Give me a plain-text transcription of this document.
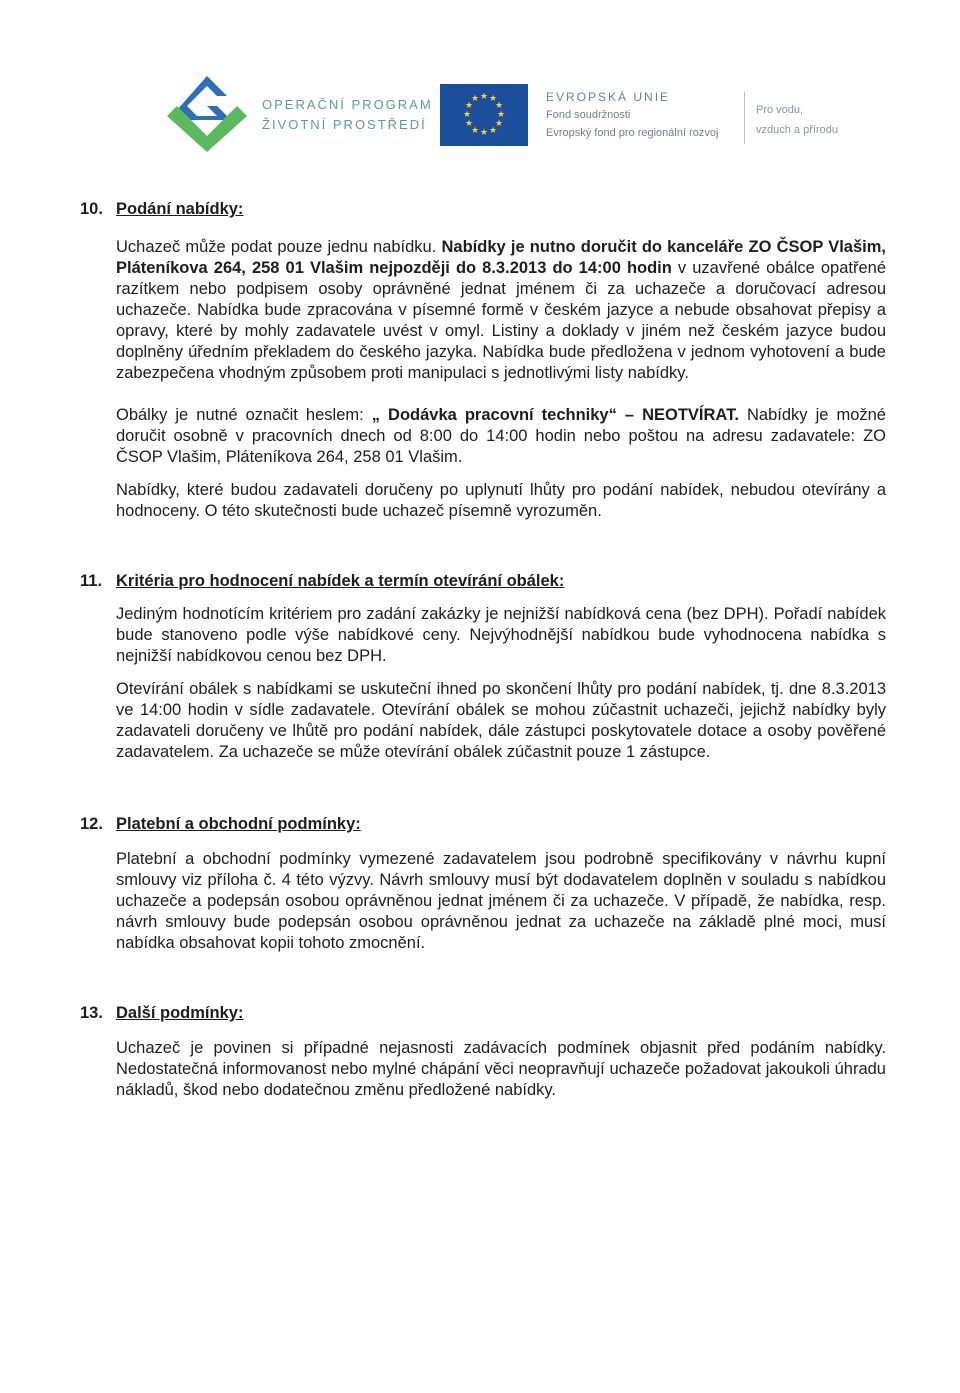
OPERAČNÍ PROGRAM
ŽIVOTNÍ PROSTŘEDÍ
★ ★
★
★
★
★
★
★
★
★
★
★	EVROPSKÁ UNIE
Fond soudržnosti
Evropský fond pro regionální rozvoj
Pro vodu,
vzduch a přírodu
10. Podání nabídky:

Uchazeč může podat pouze jednu nabídku. Nabídky je nutno doručit do kanceláře ZO ČSOP Vlašim, Pláteníkova 264, 258 01 Vlašim nejpozději do 8.3.2013 do 14:00 hodin v uzavřené obálce opatřené razítkem nebo podpisem osoby oprávněné jednat jménem či za uchazeče a doručovací adresou uchazeče. Nabídka bude zpracována v písemné formě v českém jazyce a nebude obsahovat přepisy a opravy, které by mohly zadavatele uvést v omyl. Listiny a doklady v jiném než českém jazyce budou doplněny úředním překladem do českého jazyka. Nabídka bude předložena v jednom vyhotovení a bude zabezpečena vhodným způsobem proti manipulaci s jednotlivými listy nabídky.

Obálky je nutné označit heslem: „ Dodávka pracovní techniky“ – NEOTVÍRAT. Nabídky je možné doručit osobně v pracovních dnech od 8:00 do 14:00 hodin nebo poštou na adresu zadavatele: ZO ČSOP Vlašim, Pláteníkova 264, 258 01 Vlašim.

Nabídky, které budou zadavateli doručeny po uplynutí lhůty pro podání nabídek, nebudou otevírány a hodnoceny. O této skutečnosti bude uchazeč písemně vyrozuměn.

11. Kritéria pro hodnocení nabídek a termín otevírání obálek:

Jediným hodnotícím kritériem pro zadání zakázky je nejnižší nabídková cena (bez DPH). Pořadí nabídek bude stanoveno podle výše nabídkové ceny. Nejvýhodnější nabídkou bude vyhodnocena nabídka s nejnižší nabídkovou cenou bez DPH.

Otevírání obálek s nabídkami se uskuteční ihned po skončení lhůty pro podání nabídek, tj. dne 8.3.2013 ve 14:00 hodin v sídle zadavatele. Otevírání obálek se mohou zúčastnit uchazeči, jejichž nabídky byly zadavateli doručeny ve lhůtě pro podání nabídek, dále zástupci poskytovatele dotace a osoby pověřené zadavatelem. Za uchazeče se může otevírání obálek zúčastnit pouze 1 zástupce.

12. Platební a obchodní podmínky:

Platební a obchodní podmínky vymezené zadavatelem jsou podrobně specifikovány v návrhu kupní smlouvy viz příloha č. 4 této výzvy. Návrh smlouvy musí být dodavatelem doplněn v souladu s nabídkou uchazeče a podepsán osobou oprávněnou jednat jménem či za uchazeče. V případě, že nabídka, resp. návrh smlouvy bude podepsán osobou oprávněnou jednat za uchazeče na základě plné moci, musí nabídka obsahovat kopii tohoto zmocnění.

13. Další podmínky:

Uchazeč je povinen si případné nejasnosti zadávacích podmínek objasnit před podáním nabídky. Nedostatečná informovanost nebo mylné chápání věci neopravňují uchazeče požadovat jakoukoli úhradu nákladů, škod nebo dodatečnou změnu předložené nabídky.
